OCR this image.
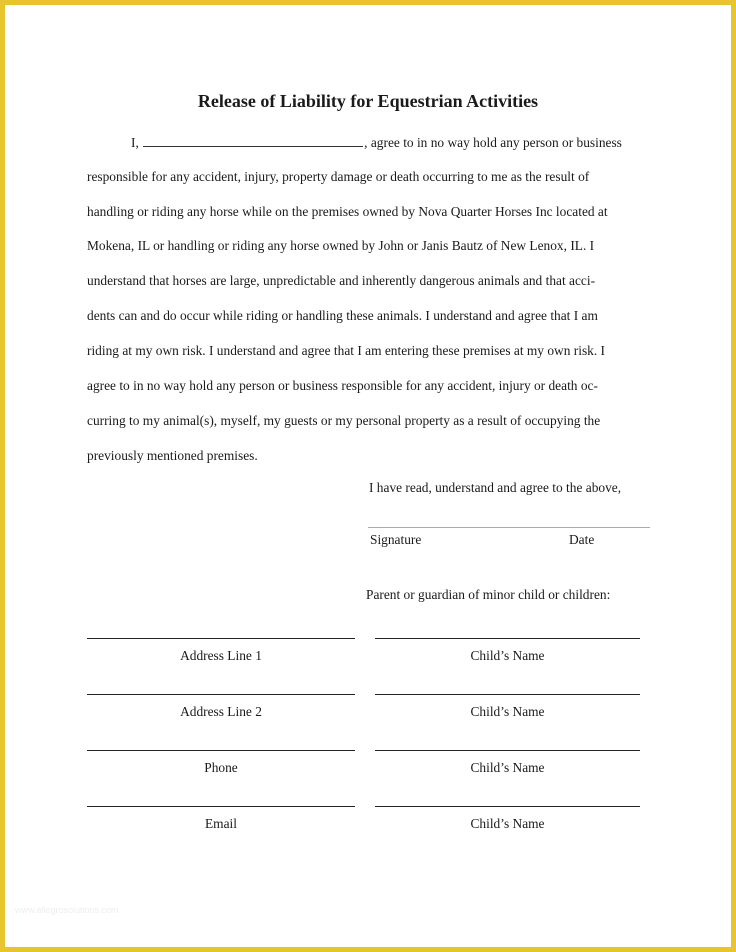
Release of Liability for Equestrian Activities
I,	, agree to in no way hold any person or business
responsible for any accident, injury, property damage or death occurring to me as the result of
handling or riding any horse while on the premises owned by Nova Quarter Horses Inc located at
Mokena, IL or handling or riding any horse owned by John or Janis Bautz of New Lenox, IL. I
understand that horses are large, unpredictable and inherently dangerous animals and that acci-
dents can and do occur while riding or handling these animals. I understand and agree that I am
riding at my own risk. I understand and agree that I am entering these premises at my own risk. I
agree to in no way hold any person or business responsible for any accident, injury or death oc-
curring to my animal(s), myself, my guests or my personal property as a result of occupying the
previously mentioned premises.
I have read, understand and agree to the above,
Signature	Date
Parent or guardian of minor child or children:
Address Line 1
Address Line 2
Phone
Email
Child’s Name
Child’s Name
Child’s Name
Child’s Name
www.allegrosolutions.com
